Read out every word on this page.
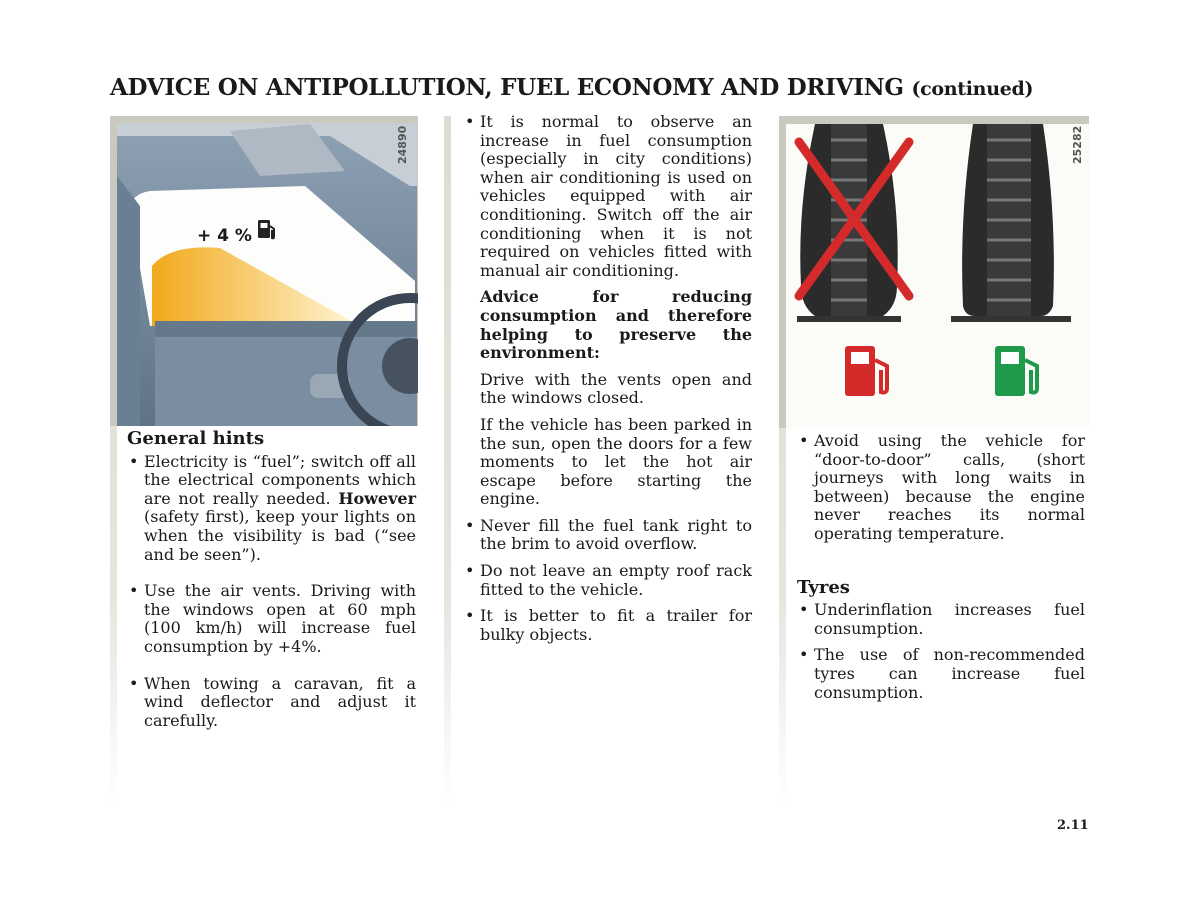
ADVICE ON ANTIPOLLUTION, FUEL ECONOMY AND DRIVING (continued)
+ 4 %
24890	25282
General hints
• Electricity is “fuel”; switch off all the electrical components which are not really needed. However (safety first), keep your lights on when the visibility is bad (“see and be seen”).
• Use the air vents. Driving with the windows open at 60 mph (100 km/h) will increase fuel consumption by +4%.
• When towing a caravan, fit a wind deflector and adjust it carefully.
• It is normal to observe an increase in fuel consumption (especially in city conditions) when air conditioning is used on vehicles equipped with air conditioning. Switch off the air conditioning when it is not required on vehicles fitted with manual air conditioning.

Advice for reducing consumption and therefore helping to preserve the environment:

Drive with the vents open and the windows closed.

If the vehicle has been parked in the sun, open the doors for a few moments to let the hot air escape before starting the engine.

• Never fill the fuel tank right to the brim to avoid overflow.
• Do not leave an empty roof rack fitted to the vehicle.
• It is better to fit a trailer for bulky objects.
• Avoid using the vehicle for “door-to-door” calls, (short journeys with long waits in between) because the engine never reaches its normal operating temperature.
Tyres
• Underinflation increases fuel consumption.
• The use of non-recommended tyres can increase fuel consumption.
2.11
